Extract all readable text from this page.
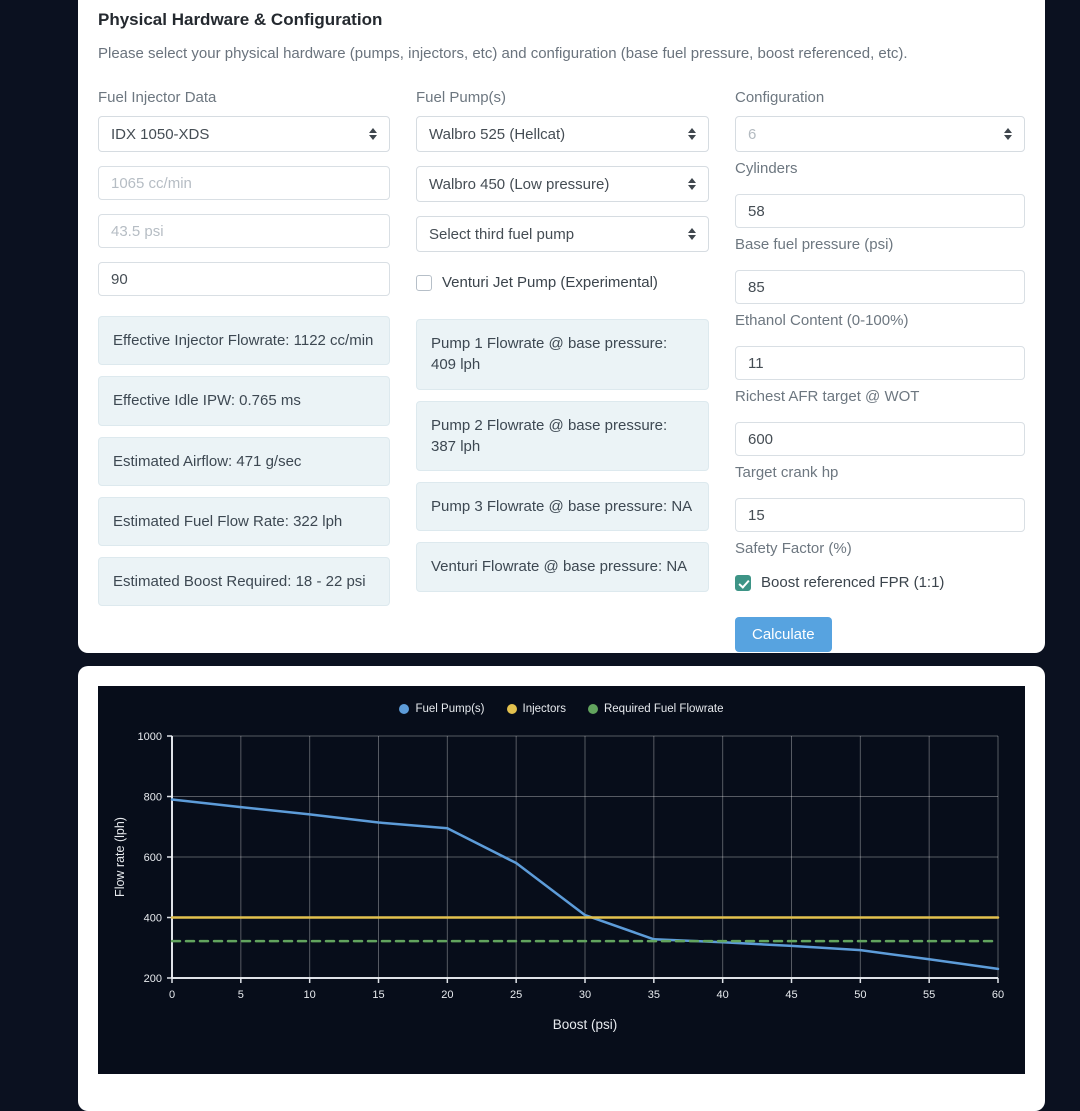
Physical Hardware & Configuration

Please select your physical hardware (pumps, injectors, etc) and configuration (base fuel pressure, boost referenced, etc).

Fuel Injector Data
IDX 1050-XDS
1065 cc/min
43.5 psi
90
Effective Injector Flowrate: 1122 cc/min
Effective Idle IPW: 0.765 ms
Estimated Airflow: 471 g/sec
Estimated Fuel Flow Rate: 322 lph
Estimated Boost Required: 18 - 22 psi
Fuel Pump(s)
Walbro 525 (Hellcat)
Walbro 450 (Low pressure)
Select third fuel pump
Venturi Jet Pump (Experimental)
Pump 1 Flowrate @ base pressure: 409 lph
Pump 2 Flowrate @ base pressure: 387 lph
Pump 3 Flowrate @ base pressure: NA
Venturi Flowrate @ base pressure: NA
Configuration
6
Cylinders
58
Base fuel pressure (psi)
85
Ethanol Content (0-100%)
11
Richest AFR target @ WOT
600
Target crank hp
15
Safety Factor (%)
Boost referenced FPR (1:1)
Calculate
Fuel Pump(s)	Injectors	Required Fuel Flowrate
0	5	10	15	20	25	30	35	40	45	50	55	60
200
400
600
800
1000
Boost (psi)
Flow rate (lph)
